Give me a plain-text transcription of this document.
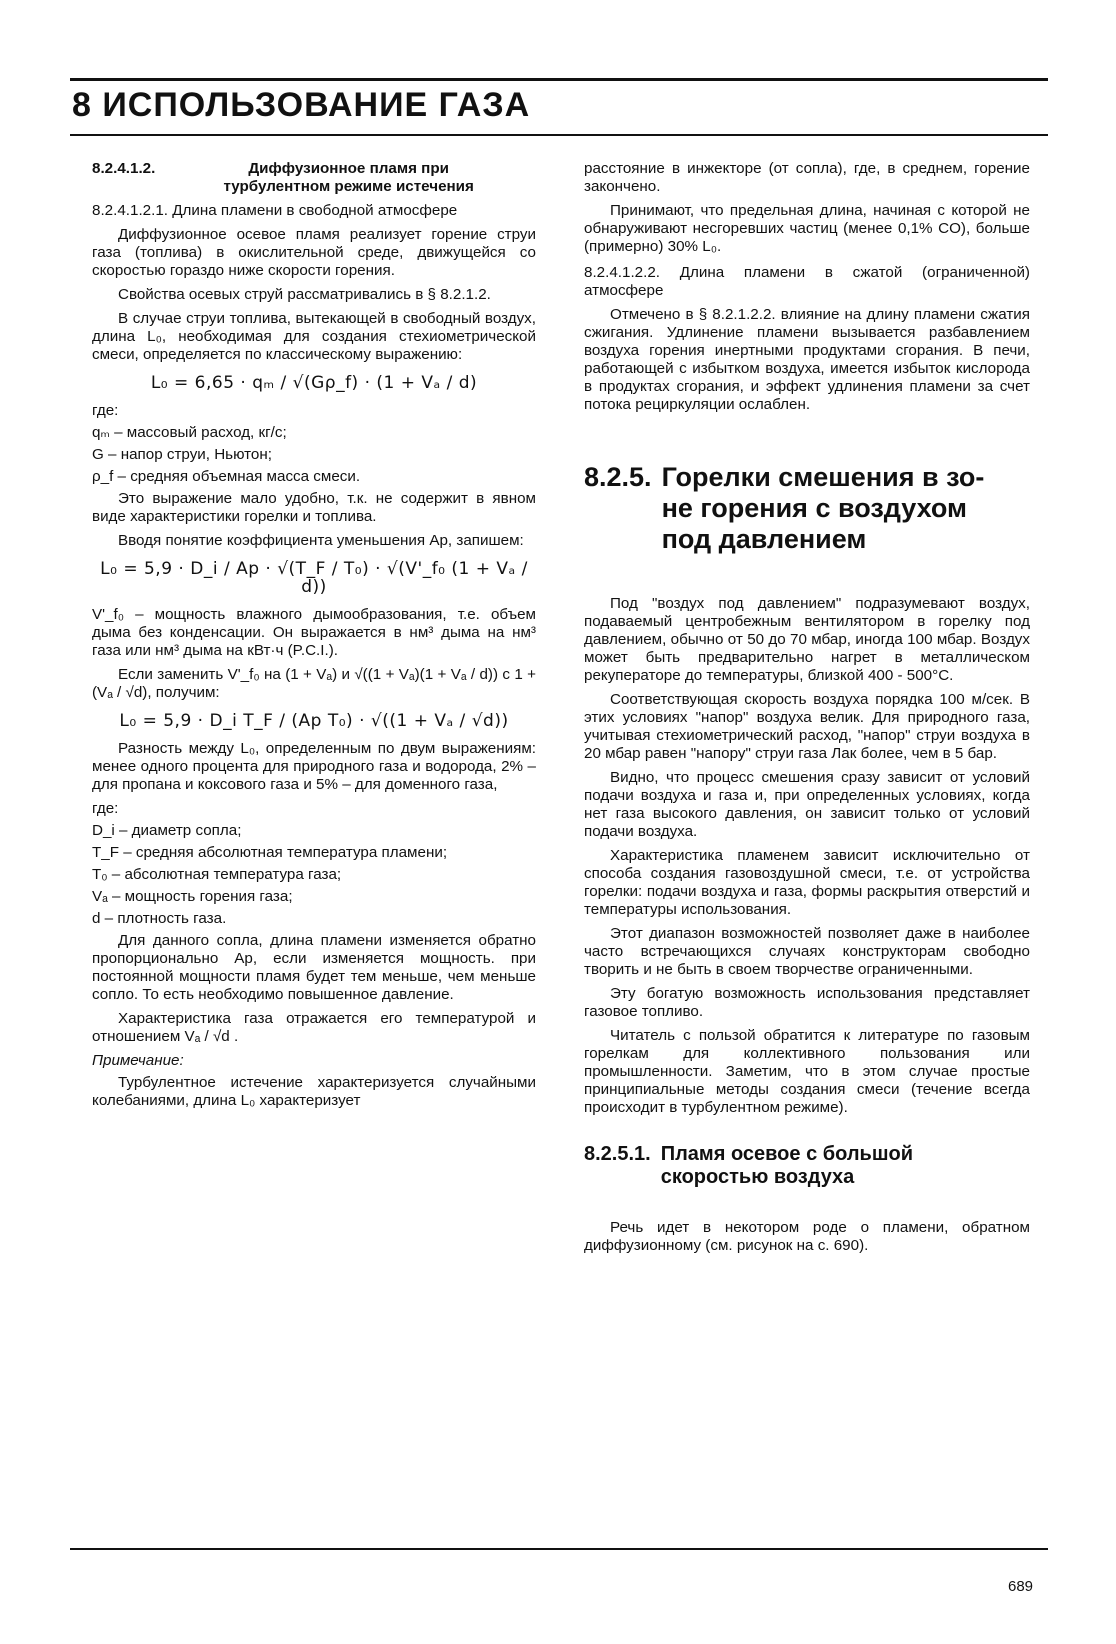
8 ИСПОЛЬЗОВАНИЕ ГАЗА
8.2.4.1.2.	Диффузионное пламя при
турбулентном режиме истечения

8.2.4.1.2.1. Длина пламени в свободной атмосфере

Диффузионное осевое пламя реализует горение струи газа (топлива) в окислительной среде, движущейся со скоростью гораздо ниже скорости горения.

Свойства осевых струй рассматривались в § 8.2.1.2.

В случае струи топлива, вытекающей в свободный воздух, длина L₀, необходимая для создания стехиометрической смеси, определяется по классическому выражению:

L₀ = 6,65 · qₘ / √(Gρ_f) · (1 + Vₐ / d)

где:

qₘ – массовый расход, кг/с;

G – напор струи, Ньютон;

ρ_f – средняя объемная масса смеси.

Это выражение мало удобно, т.к. не содержит в явном виде характеристики горелки и топлива.

Вводя понятие коэффициента уменьшения Ap, запишем:

L₀ = 5,9 · D_i / Ap · √(T_F / T₀) · √(V'_f₀ (1 + Vₐ / d))

V'_f₀ – мощность влажного дымообразования, т.е. объем дыма без конденсации. Он выражается в нм³ дыма на нм³ газа или нм³ дыма на кВт·ч (P.C.I.).

Если заменить V'_f₀ на (1 + Vₐ) и √((1 + Vₐ)(1 + Vₐ / d)) с 1 + (Vₐ / √d), получим:

L₀ = 5,9 · D_i T_F / (Ap T₀) · √((1 + Vₐ / √d))

Разность между L₀, определенным по двум выражениям: менее одного процента для природного газа и водорода, 2% – для пропана и коксового газа и 5% – для доменного газа,

где:

D_i – диаметр сопла;

T_F – средняя абсолютная температура пламени;

T₀ – абсолютная температура газа;

Vₐ – мощность горения газа;

d – плотность газа.

Для данного сопла, длина пламени изменяется обратно пропорционально Ap, если изменяется мощность. при постоянной мощности пламя будет тем меньше, чем меньше сопло. То есть необходимо повышенное давление.

Характеристика газа отражается его температурой и отношением Vₐ / √d .

Примечание:

Турбулентное истечение характеризуется случайными колебаниями, длина L₀ характеризует

расстояние в инжекторе (от сопла), где, в среднем, горение закончено.

Принимают, что предельная длина, начиная с которой не обнаруживают несгоревших частиц (менее 0,1% CO), больше (примерно) 30% L₀.

8.2.4.1.2.2. Длина пламени в сжатой (ограниченной) атмосфере

Отмечено в § 8.2.1.2.2. влияние на длину пламени сжатия сжигания. Удлинение пламени вызывается разбавлением воздуха горения инертными продуктами сгорания. В печи, работающей с избытком воздуха, имеется избыток кислорода в продуктах сгорания, и эффект удлинения пламени за счет потока рециркуляции ослаблен.

8.2.5. Горелки смешения в зо-
не горения с воздухом
под давлением

Под "воздух под давлением" подразумевают воздух, подаваемый центробежным вентилятором в горелку под давлением, обычно от 50 до 70 мбар, иногда 100 мбар. Воздух может быть предварительно нагрет в металлическом рекуператоре до температуры, близкой 400 - 500°C.

Соответствующая скорость воздуха порядка 100 м/сек. В этих условиях "напор" воздуха велик. Для природного газа, учитывая стехиометрический расход, "напор" струи воздуха в 20 мбар равен "напору" струи газа Лак более, чем в 5 бар.

Видно, что процесс смешения сразу зависит от условий подачи воздуха и газа и, при определенных условиях, когда нет газа высокого давления, он зависит только от условий подачи воздуха.

Характеристика пламенем зависит исключительно от способа создания газовоздушной смеси, т.е. от устройства горелки: подачи воздуха и газа, формы раскрытия отверстий и температуры использования.

Этот диапазон возможностей позволяет даже в наиболее часто встречающихся случаях конструкторам свободно творить и не быть в своем творчестве ограниченными.

Эту богатую возможность использования представляет газовое топливо.

Читатель с пользой обратится к литературе по газовым горелкам для коллективного пользования или промышленности. Заметим, что в этом случае простые принципиальные методы создания смеси (течение всегда происходит в турбулентном режиме).

8.2.5.1. Пламя осевое с большой
скоростью воздуха

Речь идет в некотором роде о пламени, обратном диффузионному (см. рисунок на с. 690).

689
